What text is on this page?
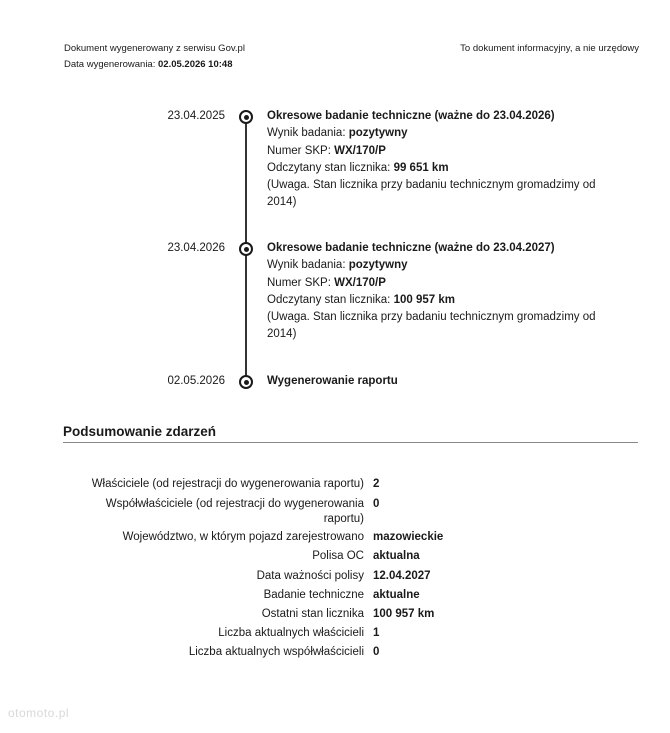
Dokument wygenerowany z serwisu Gov.pl
Data wygenerowania: 02.05.2026 10:48
To dokument informacyjny, a nie urzędowy
23.04.2025	Okresowe badanie techniczne (ważne do 23.04.2026)
Wynik badania: pozytywny
Numer SKP: WX/170/P
Odczytany stan licznika: 99 651 km
(Uwaga. Stan licznika przy badaniu technicznym gromadzimy od 2014)
23.04.2026	Okresowe badanie techniczne (ważne do 23.04.2027)
Wynik badania: pozytywny
Numer SKP: WX/170/P
Odczytany stan licznika: 100 957 km
(Uwaga. Stan licznika przy badaniu technicznym gromadzimy od 2014)
02.05.2026	Wygenerowanie raportu
Podsumowanie zdarzeń
Właściciele (od rejestracji do wygenerowania raportu) 2
Współwłaściciele (od rejestracji do wygenerowania raportu)
0
Województwo, w którym pojazd zarejestrowano mazowieckie
Polisa OC aktualna
Data ważności polisy 12.04.2027
Badanie techniczne aktualne
Ostatni stan licznika 100 957 km
Liczba aktualnych właścicieli 1
Liczba aktualnych współwłaścicieli 0
otomoto.pl
